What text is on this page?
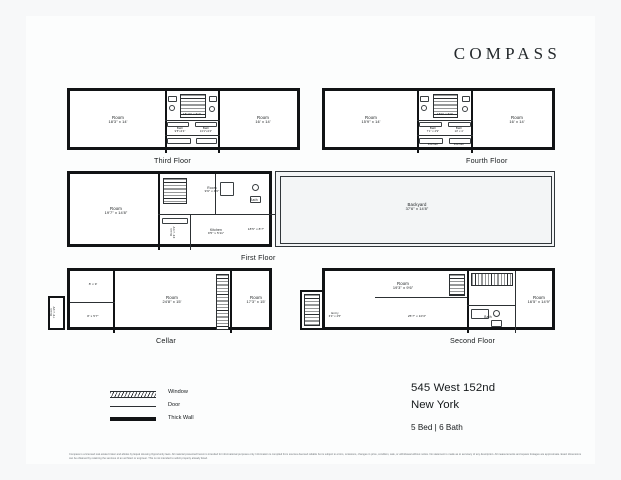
COMPASS
Room
18'3" x 14'
18'10" x 6'7"
Room
16' x 14'
Bath
9'5"x4'4"
Bath
13'1"x4'4"
Third Floor
Room
15'9" x 14'
18'6" x 6'9"
Room
16' x 14'
Bath
7'1" x 4'9"
Bath
13' x 4'
Kitchen	Kitchen
Fourth Floor
Room
19'7" x 14'8"
Room
9'9" x 4'6"
Bath
Kitchen
9'5" x 5'11"
Room 3'4" x 5'3"	18'5" x 8'7"
Backyard
37'6" x 14'8"
First Floor
8' x 9'
8' x 5'7"
Room
24'8" x 15'
Room
17'3" x 15'
Room 7'9" x 3'9"
Cellar
Room
19'3" x 9'6"
25'7" x 10'3"	Bath
Room
16'5" x 14'9"
Entry
6'3" x 4'5"
Second Floor
Window
Door
Thick Wall
545 West 152nd
New York
5 Bed | 6 Bath
Compass is a licensed real estate broker and abides by Equal Housing Opportunity laws. All material presented herein is intended for informational purposes only. Information is compiled from sources deemed reliable but is subject to errors, omissions, changes in price, condition, sale, or withdrawal without notice. No statement is made as to accuracy of any description. All measurements and square footages are approximate. Exact dimensions can be obtained by retaining the services of an architect or engineer. This is not intended to solicit property already listed.
